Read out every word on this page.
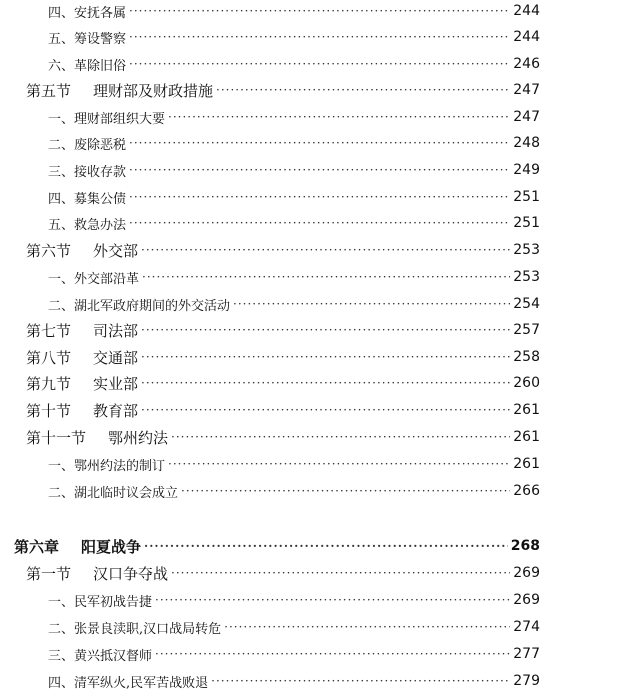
四、安抚各属 ·····	244
五、筹设警察 ·····	244
六、革除旧俗 ·····	246
第五节 理财部及财政措施 ·····	247
一、理财部组织大要 ·····	247
二、废除恶税 ·····	248
三、接收存款 ·····	249
四、募集公债 ·····	251
五、救急办法 ·····	251
第六节 外交部 ·····	253
一、外交部沿革 ·····	253
二、湖北军政府期间的外交活动 ·····	254
第七节 司法部 ·····	257
第八节 交通部 ·····	258
第九节 实业部 ·····	260
第十节 教育部 ·····	261
第十一节 鄂州约法 ·····	261
一、鄂州约法的制订 ·····	261
二、湖北临时议会成立 ·····	266
第六章 阳夏战争 ·····	268
第一节 汉口争夺战 ·····	269
一、民军初战告捷 ·····	269
二、张景良渎职,汉口战局转危 ·····	274
三、黄兴抵汉督师 ·····	277
四、清军纵火,民军苦战败退 ·····	279
